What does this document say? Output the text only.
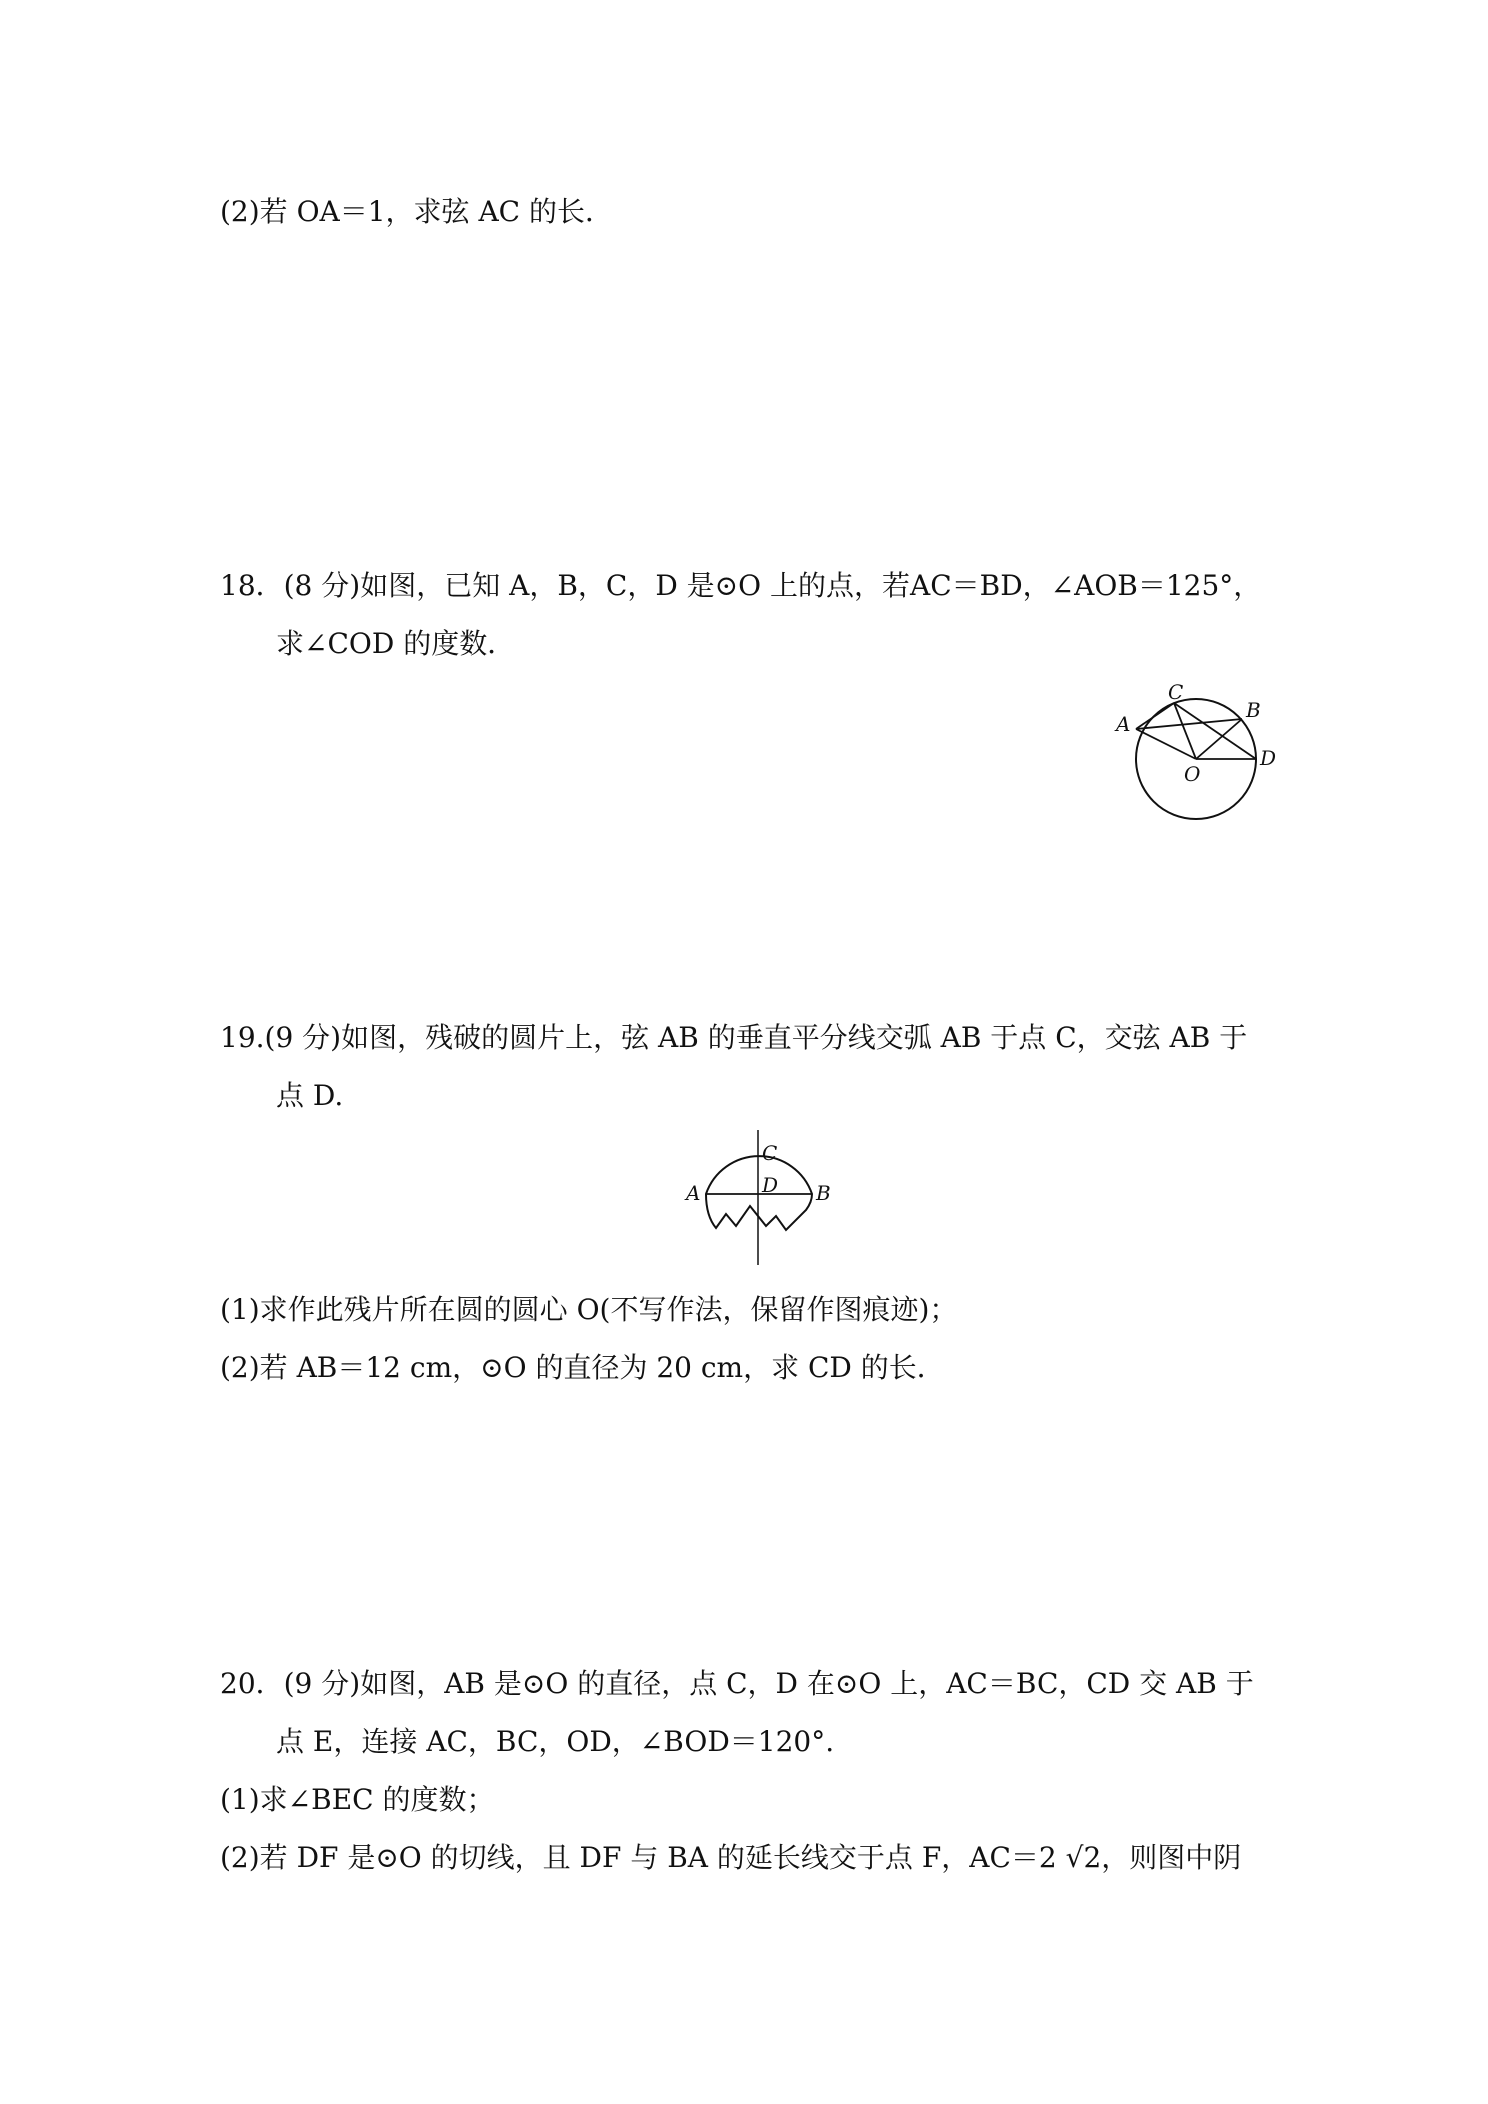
(2)若 OA＝1，求弦 AC 的长．
18．(8 分)如图，已知 A，B，C，D 是⊙O 上的点，若AC＝BD，∠AOB＝125°，
求∠COD 的度数．
A
B
C
D
O
19.(9 分)如图，残破的圆片上，弦 AB 的垂直平分线交弧 AB 于点 C，交弦 AB 于
点 D.
A	B
C
D
(1)求作此残片所在圆的圆心 O(不写作法，保留作图痕迹)；
(2)若 AB＝12 cm，⊙O 的直径为 20 cm，求 CD 的长．
20．(9 分)如图，AB 是⊙O 的直径，点 C，D 在⊙O 上，AC＝BC，CD 交 AB 于
点 E，连接 AC，BC，OD，∠BOD＝120°.
(1)求∠BEC 的度数；
(2)若 DF 是⊙O 的切线，且 DF 与 BA 的延长线交于点 F，AC＝2 √2，则图中阴
